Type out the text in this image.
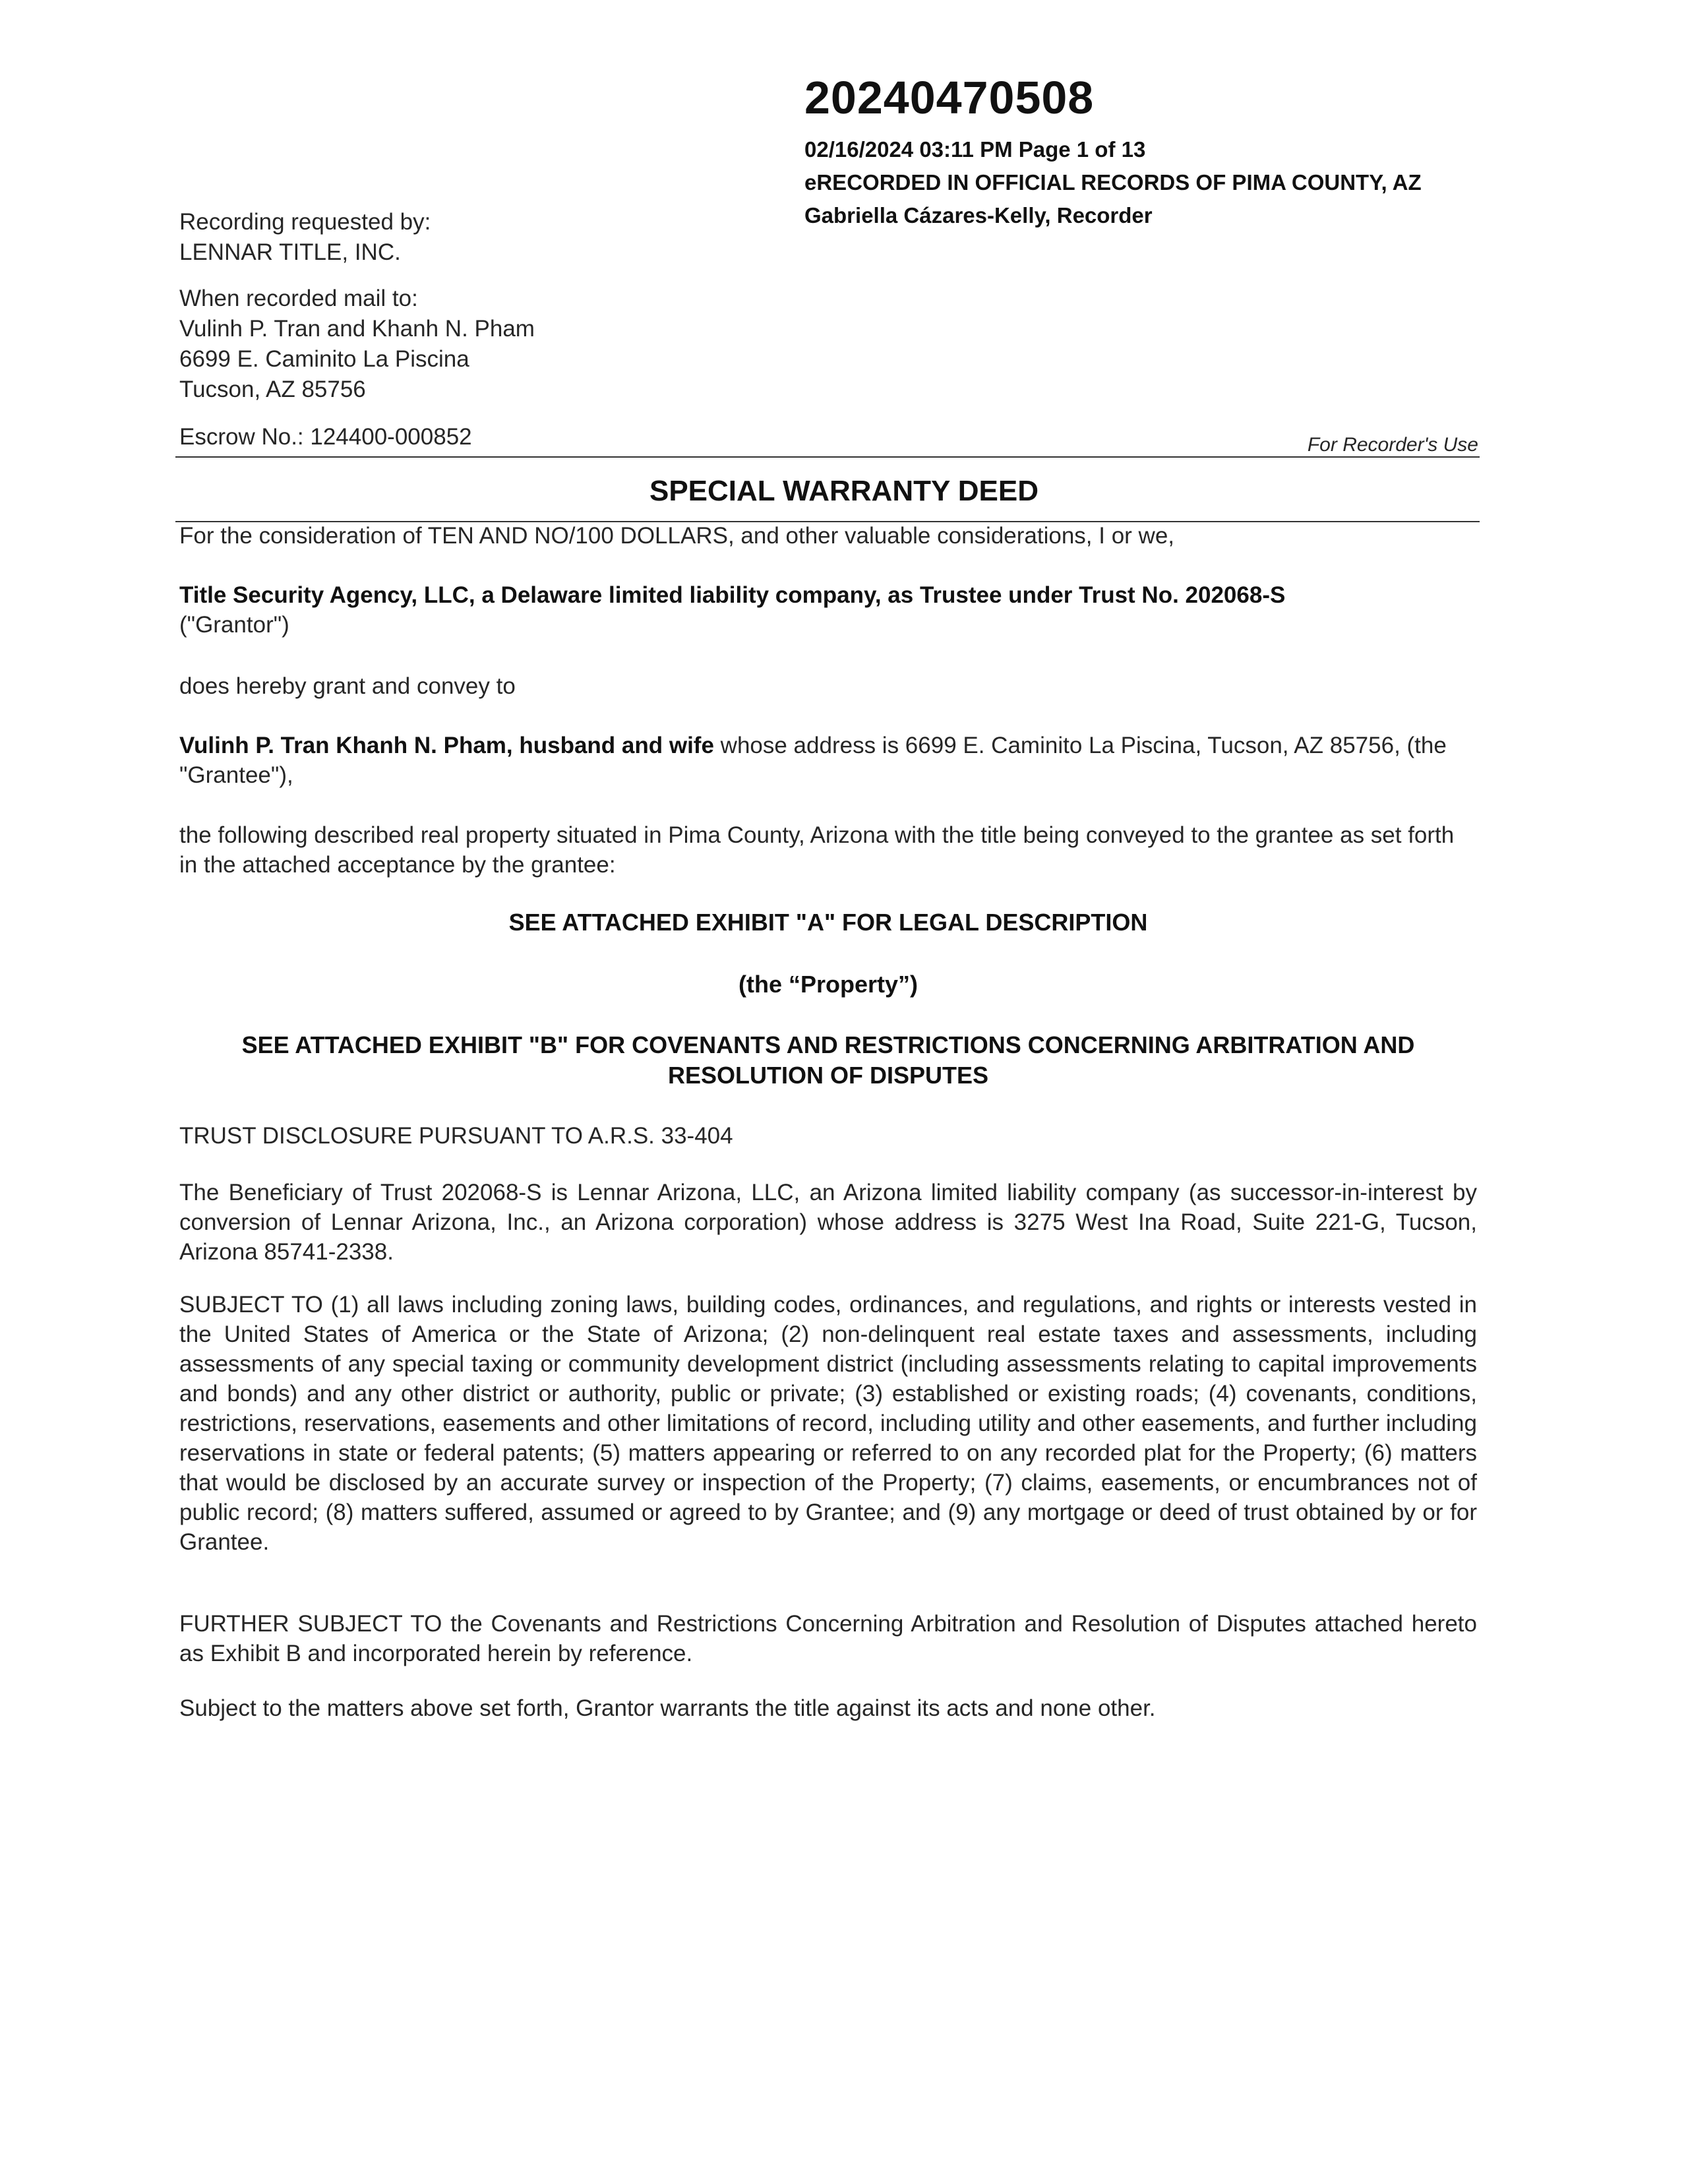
20240470508
02/16/2024 03:11 PM Page 1 of 13
eRECORDED IN OFFICIAL RECORDS OF PIMA COUNTY, AZ
Gabriella Cázares-Kelly, Recorder
Recording requested by:
LENNAR TITLE, INC.
When recorded mail to:
Vulinh P. Tran and Khanh N. Pham
6699 E. Caminito La Piscina
Tucson, AZ 85756
Escrow No.: 124400-000852	For Recorder's Use
SPECIAL WARRANTY DEED
For the consideration of TEN AND NO/100 DOLLARS, and other valuable considerations, I or we,
Title Security Agency, LLC, a Delaware limited liability company, as Trustee under Trust No. 202068-S
("Grantor")
does hereby grant and convey to
Vulinh P. Tran Khanh N. Pham, husband and wife whose address is 6699 E. Caminito La Piscina, Tucson, AZ 85756, (the "Grantee"),
the following described real property situated in Pima County, Arizona with the title being conveyed to the grantee as set forth in the attached acceptance by the grantee:
SEE ATTACHED EXHIBIT "A" FOR LEGAL DESCRIPTION
(the “Property”)
SEE ATTACHED EXHIBIT "B" FOR COVENANTS AND RESTRICTIONS CONCERNING ARBITRATION AND RESOLUTION OF DISPUTES
TRUST DISCLOSURE PURSUANT TO A.R.S. 33-404
The Beneficiary of Trust 202068-S is Lennar Arizona, LLC, an Arizona limited liability company (as successor-in-interest by conversion of Lennar Arizona, Inc., an Arizona corporation) whose address is 3275 West Ina Road, Suite 221-G, Tucson, Arizona 85741-2338.
SUBJECT TO (1) all laws including zoning laws, building codes, ordinances, and regulations, and rights or interests vested in the United States of America or the State of Arizona; (2) non-delinquent real estate taxes and assessments, including assessments of any special taxing or community development district (including assessments relating to capital improvements and bonds) and any other district or authority, public or private; (3) established or existing roads; (4) covenants, conditions, restrictions, reservations, easements and other limitations of record, including utility and other easements, and further including reservations in state or federal patents; (5) matters appearing or referred to on any recorded plat for the Property; (6) matters that would be disclosed by an accurate survey or inspection of the Property; (7) claims, easements, or encumbrances not of public record; (8) matters suffered, assumed or agreed to by Grantee; and (9) any mortgage or deed of trust obtained by or for Grantee.
FURTHER SUBJECT TO the Covenants and Restrictions Concerning Arbitration and Resolution of Disputes attached hereto as Exhibit B and incorporated herein by reference.
Subject to the matters above set forth, Grantor warrants the title against its acts and none other.
